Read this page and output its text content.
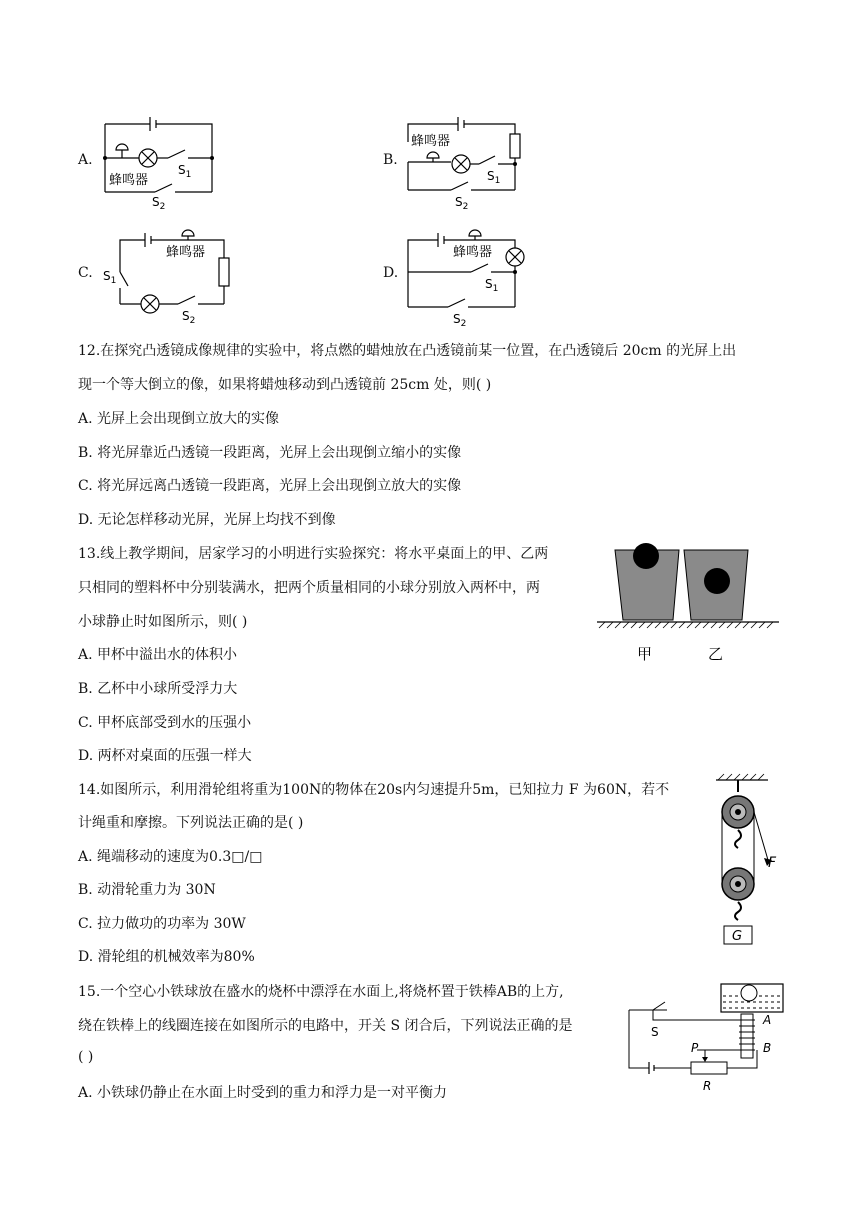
A.
蜂鸣器
$S_1$
$S_2$
B.
蜂鸣器
$S_1$
$S_2$
C.
蜂鸣器
$S_1$
$S_2$
D.
蜂鸣器
$S_1$
$S_2$
12.在探究凸透镜成像规律的实验中，将点燃的蜡烛放在凸透镜前某一位置，在凸透镜后 20cm 的光屏上出
现一个等大倒立的像，如果将蜡烛移动到凸透镜前 25cm 处，则( )
A. 光屏上会出现倒立放大的实像
B. 将光屏靠近凸透镜一段距离，光屏上会出现倒立缩小的实像
C. 将光屏远离凸透镜一段距离，光屏上会出现倒立放大的实像
D. 无论怎样移动光屏，光屏上均找不到像
13.线上教学期间，居家学习的小明进行实验探究：将水平桌面上的甲、乙两
只相同的塑料杯中分别装满水，把两个质量相同的小球分别放入两杯中，两
小球静止时如图所示，则( )
A. 甲杯中溢出水的体积小
B. 乙杯中小球所受浮力大
C. 甲杯底部受到水的压强小
D. 两杯对桌面的压强一样大
甲	乙
14.如图所示，利用滑轮组将重为100N的物体在20s内匀速提升5m，已知拉力 F 为60N，若不
计绳重和摩擦。下列说法正确的是( )
A. 绳端移动的速度为0.3□/□
B. 动滑轮重力为 30N
C. 拉力做功的功率为 30W
D. 滑轮组的机械效率为80%
G
F
15.一个空心小铁球放在盛水的烧杯中漂浮在水面上,将烧杯置于铁棒AB的上方,
绕在铁棒上的线圈连接在如图所示的电路中，开关 S 闭合后，下列说法正确的是
( )
A. 小铁球仍静止在水面上时受到的重力和浮力是一对平衡力
S
A
B
P
R
